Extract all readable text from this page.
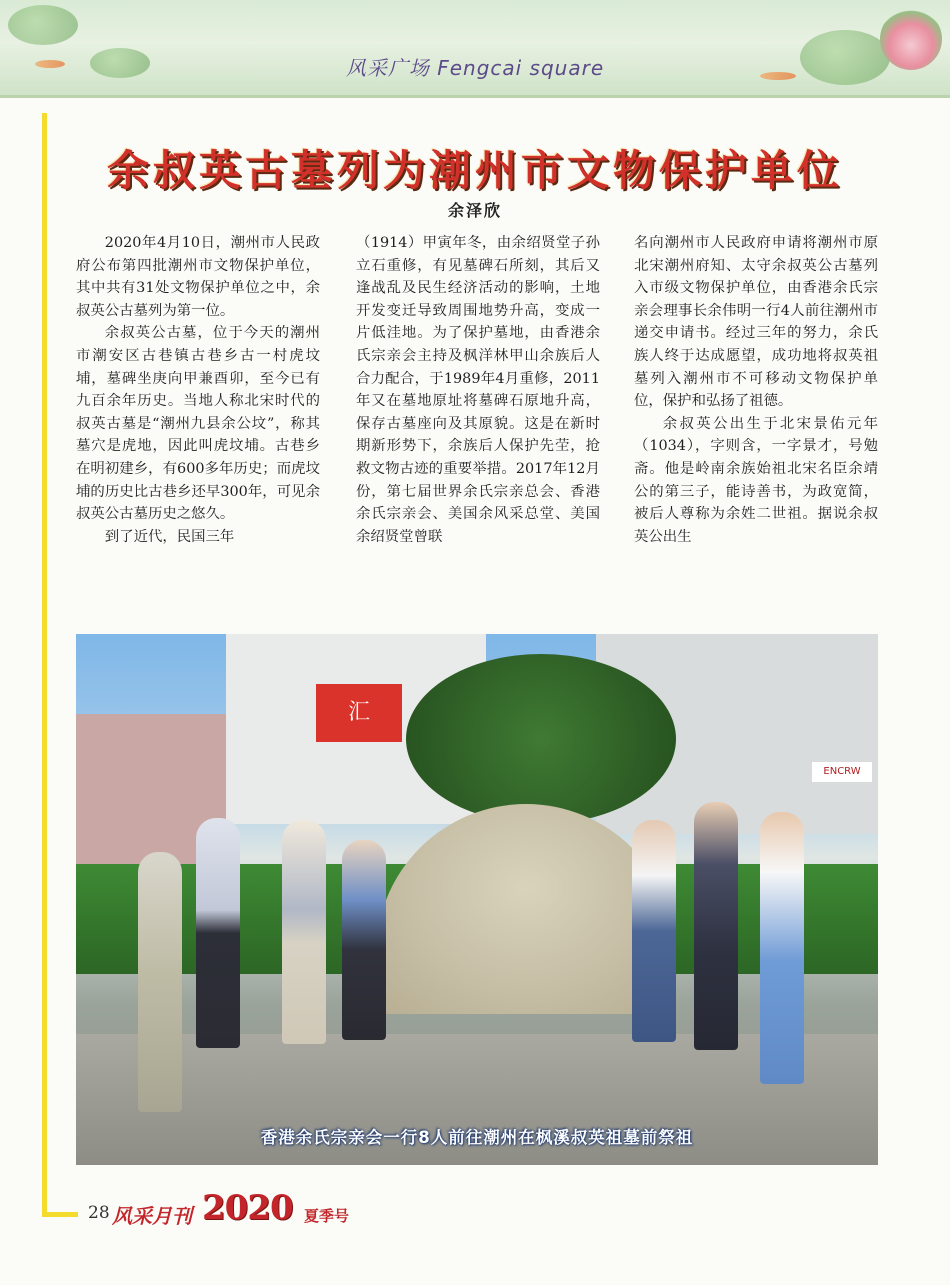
风采广场 Fengcai square
余叔英古墓列为潮州市文物保护单位
余泽欣

2020年4月10日，潮州市人民政府公布第四批潮州市文物保护单位，其中共有31处文物保护单位之中，余叔英公古墓列为第一位。

余叔英公古墓，位于今天的潮州市潮安区古巷镇古巷乡古一村虎坟埔，墓碑坐庚向甲兼酉卯，至今已有九百余年历史。当地人称北宋时代的叔英古墓是“潮州九县余公坟”，称其墓穴是虎地，因此叫虎坟埔。古巷乡在明初建乡，有600多年历史；而虎坟埔的历史比古巷乡还早300年，可见余叔英公古墓历史之悠久。

到了近代，民国三年

（1914）甲寅年冬，由余绍贤堂子孙立石重修，有见墓碑石所刻，其后又逢战乱及民生经济活动的影响，土地开发变迁导致周围地势升高，变成一片低洼地。为了保护墓地，由香港余氏宗亲会主持及枫洋林甲山余族后人合力配合，于1989年4月重修，2011年又在墓地原址将墓碑石原地升高，保存古墓座向及其原貌。这是在新时期新形势下，余族后人保护先茔，抢救文物古迹的重要举措。2017年12月份，第七届世界余氏宗亲总会、香港余氏宗亲会、美国余风采总堂、美国余绍贤堂曾联

名向潮州市人民政府申请将潮州市原北宋潮州府知、太守余叔英公古墓列入市级文物保护单位，由香港余氏宗亲会理事长余伟明一行4人前往潮州市递交申请书。经过三年的努力，余氏族人终于达成愿望，成功地将叔英祖墓列入潮州市不可移动文物保护单位，保护和弘扬了祖德。

余叔英公出生于北宋景佑元年（1034），字则含，一字景才，号勉斋。他是岭南余族始祖北宋名臣余靖公的第三子，能诗善书，为政宽简，被后人尊称为余姓二世祖。据说余叔英公出生

汇
ENCRW
香港余氏宗亲会一行8人前往潮州在枫溪叔英祖墓前祭祖
28 风采月刊 2020 夏季号
